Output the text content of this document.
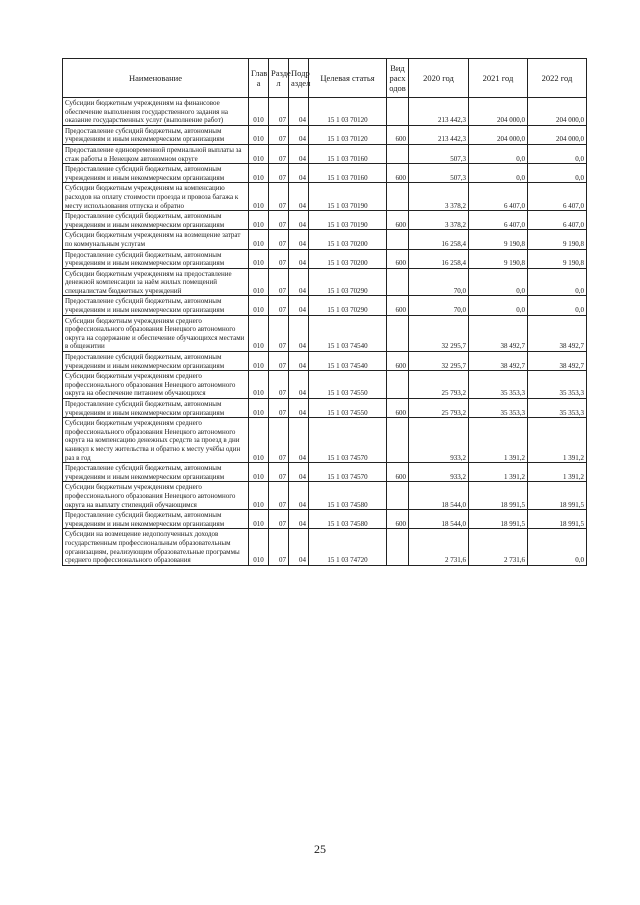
Наименование	Глав а	Разде л	Подр аздел	Целевая статья	Вид расх одов	2020 год	2021 год	2022 год
Субсидии бюджетным учреждениям на финансовое обеспечение выполнения государственного задания на оказание государственных услуг (выполнение работ)	010	07	04	15 1 03 70120		213 442,3	204 000,0	204 000,0
Предоставление субсидий бюджетным, автономным учреждениям и иным некоммерческим организациям	010	07	04	15 1 03 70120	600	213 442,3	204 000,0	204 000,0
Предоставление единовременной премиальной выплаты за стаж работы в Ненецком автономном округе	010	07	04	15 1 03 70160		507,3	0,0	0,0
Предоставление субсидий бюджетным, автономным учреждениям и иным некоммерческим организациям	010	07	04	15 1 03 70160	600	507,3	0,0	0,0
Субсидии бюджетным учреждениям на компенсацию расходов на оплату стоимости проезда и провоза багажа к месту использования отпуска и обратно	010	07	04	15 1 03 70190		3 378,2	6 407,0	6 407,0
Предоставление субсидий бюджетным, автономным учреждениям и иным некоммерческим организациям	010	07	04	15 1 03 70190	600	3 378,2	6 407,0	6 407,0
Субсидии бюджетным учреждениям на возмещение затрат по коммунальным услугам	010	07	04	15 1 03 70200		16 258,4	9 190,8	9 190,8
Предоставление субсидий бюджетным, автономным учреждениям и иным некоммерческим организациям	010	07	04	15 1 03 70200	600	16 258,4	9 190,8	9 190,8
Субсидии бюджетным учреждениям на предоставление денежной компенсации за наём жилых помещений специалистам бюджетных учреждений	010	07	04	15 1 03 70290		70,0	0,0	0,0
Предоставление субсидий бюджетным, автономным учреждениям и иным некоммерческим организациям	010	07	04	15 1 03 70290	600	70,0	0,0	0,0
Субсидии бюджетным учреждениям среднего профессионального образования Ненецкого автономного округа на содержание и обеспечение обучающихся местами в общежитии	010	07	04	15 1 03 74540		32 295,7	38 492,7	38 492,7
Предоставление субсидий бюджетным, автономным учреждениям и иным некоммерческим организациям	010	07	04	15 1 03 74540	600	32 295,7	38 492,7	38 492,7
Субсидии бюджетным учреждениям среднего профессионального образования Ненецкого автономного округа на обеспечение питанием обучающихся	010	07	04	15 1 03 74550		25 793,2	35 353,3	35 353,3
Предоставление субсидий бюджетным, автономным учреждениям и иным некоммерческим организациям	010	07	04	15 1 03 74550	600	25 793,2	35 353,3	35 353,3
Субсидии бюджетным учреждениям среднего профессионального образования Ненецкого автономного округа на компенсацию денежных средств за проезд в дни каникул к месту жительства и обратно к месту учёбы один раз в год	010	07	04	15 1 03 74570		933,2	1 391,2	1 391,2
Предоставление субсидий бюджетным, автономным учреждениям и иным некоммерческим организациям	010	07	04	15 1 03 74570	600	933,2	1 391,2	1 391,2
Субсидии бюджетным учреждениям среднего профессионального образования Ненецкого автономного округа на выплату стипендий обучающимся	010	07	04	15 1 03 74580		18 544,0	18 991,5	18 991,5
Предоставление субсидий бюджетным, автономным учреждениям и иным некоммерческим организациям	010	07	04	15 1 03 74580	600	18 544,0	18 991,5	18 991,5
Субсидии на возмещение недополученных доходов государственным профессиональным образовательным организациям, реализующим образовательные программы среднего профессионального образования	010	07	04	15 1 03 74720		2 731,6	2 731,6	0,0
25
